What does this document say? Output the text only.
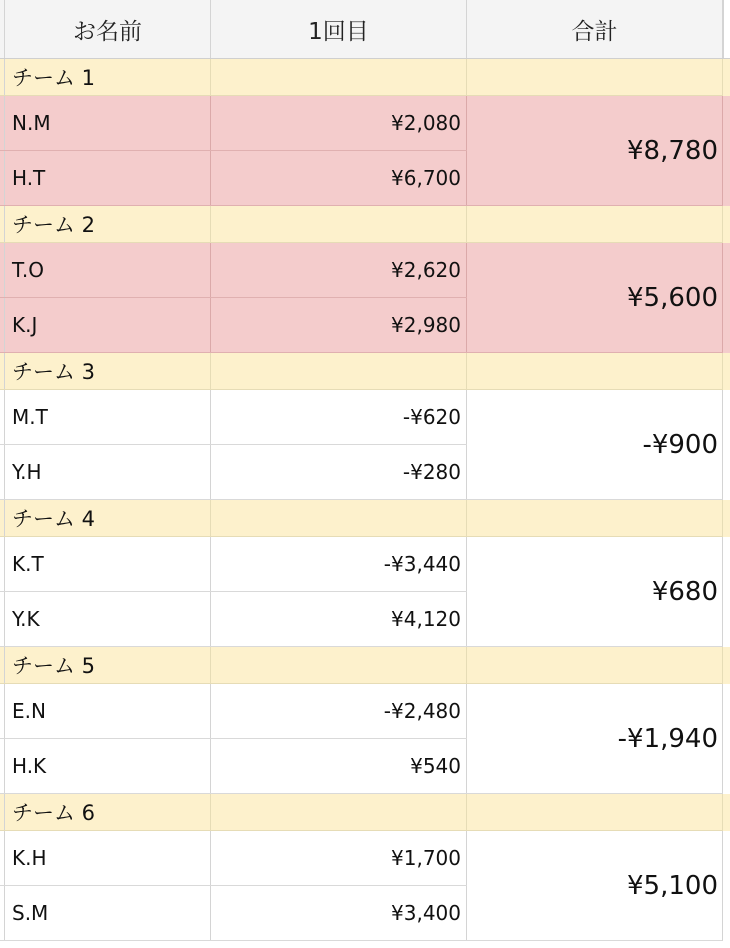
お名前	1回目	合計
チーム 1
N.M	¥2,080
H.T	¥6,700
¥8,780
チーム 2
T.O	¥2,620
K.J	¥2,980
¥5,600
チーム 3
M.T	-¥620
Y.H	-¥280
-¥900
チーム 4
K.T	-¥3,440
Y.K	¥4,120
¥680
チーム 5
E.N	-¥2,480
H.K	¥540
-¥1,940
チーム 6
K.H	¥1,700
S.M	¥3,400
¥5,100
